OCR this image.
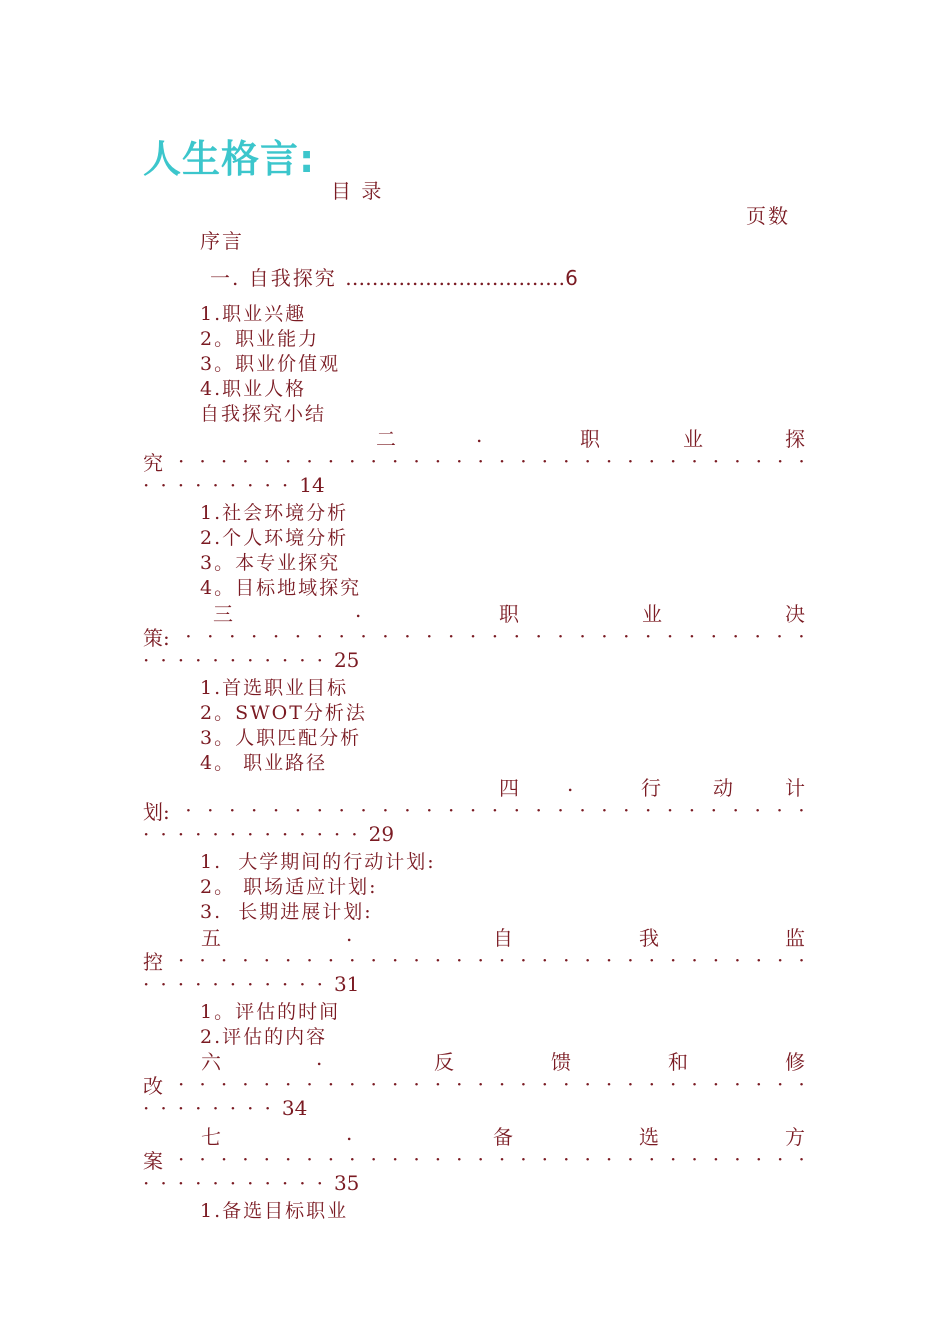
人生格言:
目 录
页数
序言
一. 自我探究 ……………………………6
1.职业兴趣
2。职业能力
3。职业价值观
4.职业人格
自我探究小结
二	.	职	业	探
究 · · · · · · · · · · · · · · · · · · · · · · · · · · · · · ·
·········14
1.社会环境分析
2.个人环境分析
3。本专业探究
4。目标地域探究
三	.	职	业	决
策: · · · · · · · · · · · · · · · · · · · · · · · · · · · · ·
···········25
1.首选职业目标
2。SWOT分析法
3。人职匹配分析
4。 职业路径
四 .	行	动	计
划: · · · · · · · · · · · · · · · · · · · · · · · · · · · · ·
·············29
1.  大学期间的行动计划:
2。 职场适应计划:
3.  长期进展计划:
五	.	自	我	监
控 · · · · · · · · · · · · · · · · · · · · · · · · · · · · · ·
···········31
1。评估的时间
2.评估的内容
六	.	反	馈	和	修
改 · · · · · · · · · · · · · · · · · · · · · · · · · · · · · ·
········34
七	.	备	选	方
案 · · · · · · · · · · · · · · · · · · · · · · · · · · · · · ·
···········35
1.备选目标职业
